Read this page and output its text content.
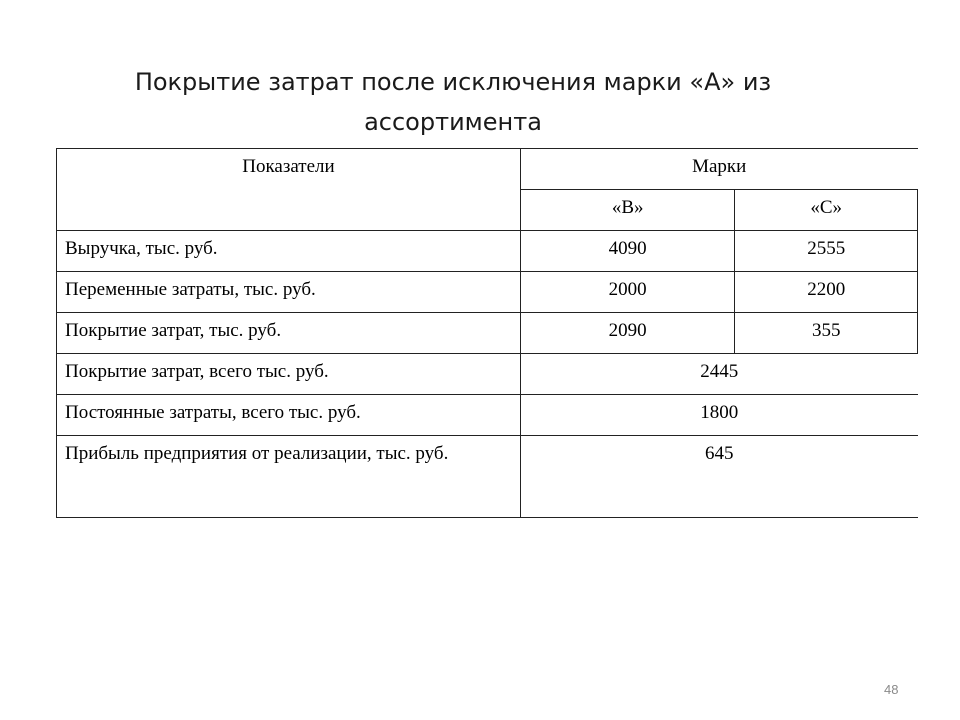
Покрытие затрат после исключения марки «А» из
ассортимента
Показатели	Марки	
	«В»	«С»
Выручка, тыс. руб.	4090	2555
Переменные затраты, тыс. руб.	2000	2200
Покрытие затрат, тыс. руб.	2090	355
Покрытие затрат, всего тыс. руб.	2445	
Постоянные затраты, всего тыс. руб.	1800	
Прибыль предприятия от реализации, тыс. руб.	645	
48
